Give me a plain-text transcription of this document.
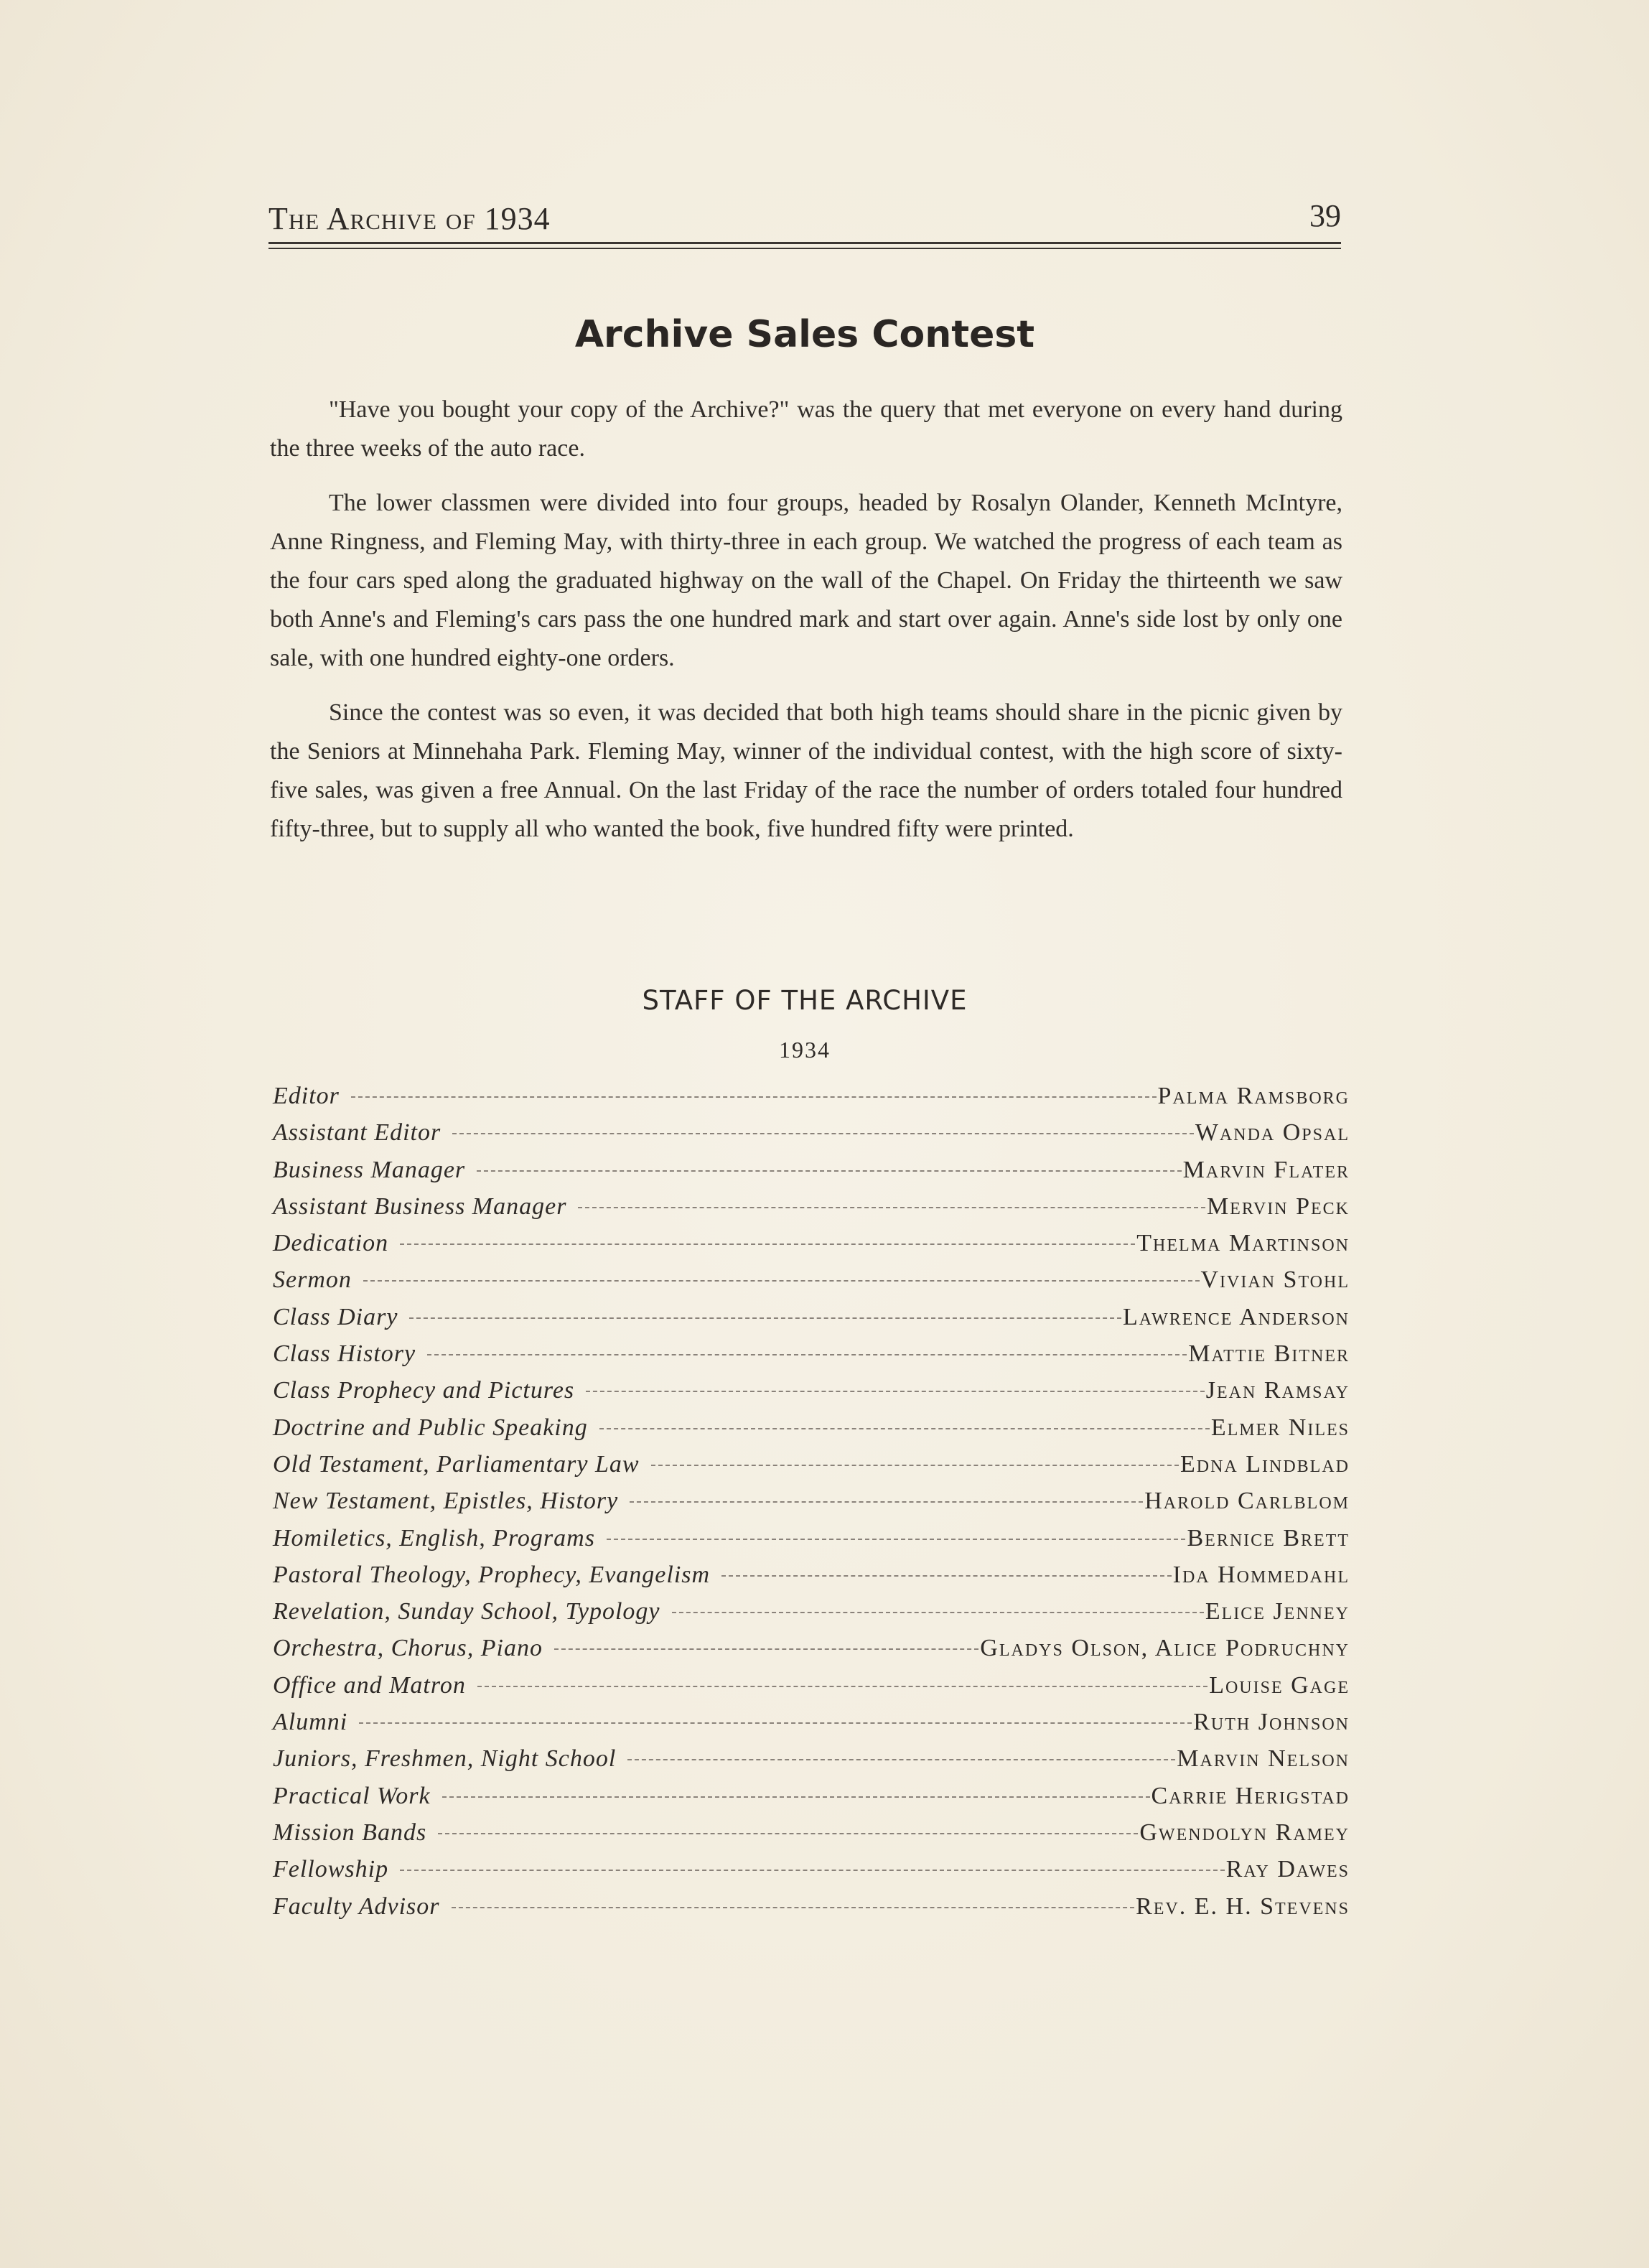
The Archive of 1934	39
Archive Sales Contest

"Have you bought your copy of the Archive?" was the query that met everyone on every hand during the three weeks of the auto race.

The lower classmen were divided into four groups, headed by Rosalyn Olander, Kenneth McIntyre, Anne Ringness, and Fleming May, with thirty-three in each group. We watched the progress of each team as the four cars sped along the graduated highway on the wall of the Chapel. On Friday the thirteenth we saw both Anne's and Fleming's cars pass the one hundred mark and start over again. Anne's side lost by only one sale, with one hundred eighty-one orders.

Since the contest was so even, it was decided that both high teams should share in the picnic given by the Seniors at Minnehaha Park. Fleming May, winner of the individual contest, with the high score of sixty-five sales, was given a free Annual. On the last Friday of the race the number of orders totaled four hundred fifty-three, but to supply all who wanted the book, five hundred fifty were printed.

STAFF OF THE ARCHIVE
1934
Editor	Palma Ramsborg
Assistant Editor	Wanda Opsal
Business Manager	Marvin Flater
Assistant Business Manager	Mervin Peck
Dedication	Thelma Martinson
Sermon	Vivian Stohl
Class Diary	Lawrence Anderson
Class History	Mattie Bitner
Class Prophecy and Pictures	Jean Ramsay
Doctrine and Public Speaking	Elmer Niles
Old Testament, Parliamentary Law	Edna Lindblad
New Testament, Epistles, History	Harold Carlblom
Homiletics, English, Programs	Bernice Brett
Pastoral Theology, Prophecy, Evangelism	Ida Hommedahl
Revelation, Sunday School, Typology	Elice Jenney
Orchestra, Chorus, Piano	Gladys Olson, Alice Podruchny
Office and Matron	Louise Gage
Alumni	Ruth Johnson
Juniors, Freshmen, Night School	Marvin Nelson
Practical Work	Carrie Herigstad
Mission Bands	Gwendolyn Ramey
Fellowship	Ray Dawes
Faculty Advisor	Rev. E. H. Stevens
